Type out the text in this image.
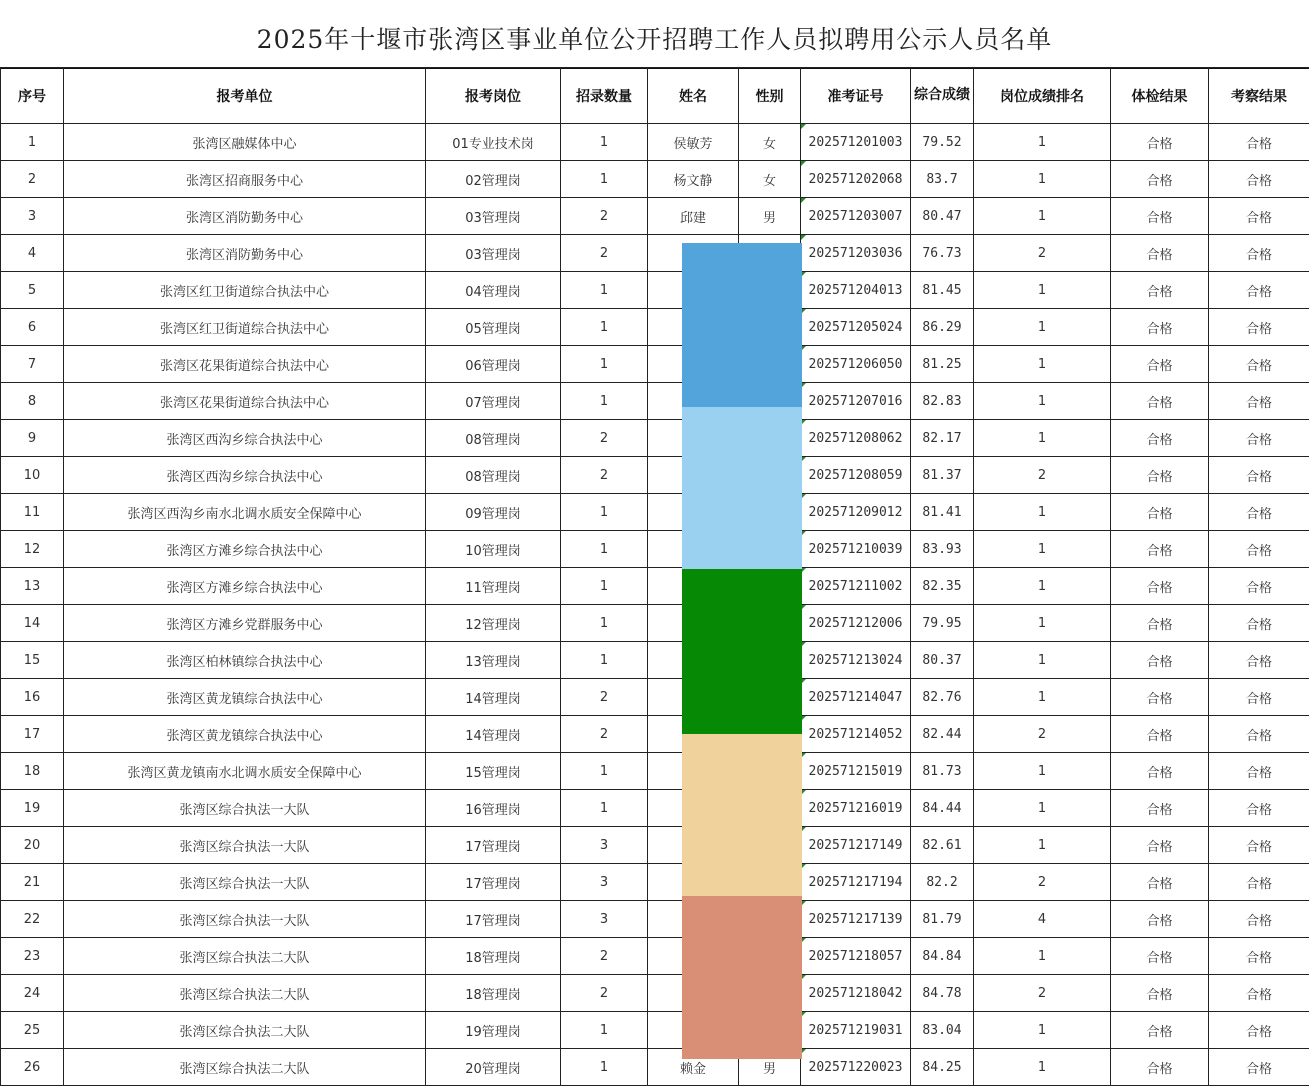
2025年十堰市张湾区事业单位公开招聘工作人员拟聘用公示人员名单
序号	报考单位	报考岗位	招录数量	姓名	性别	准考证号	综合成绩	岗位成绩排名	体检结果	考察结果
1	张湾区融媒体中心	01专业技术岗	1	侯敏芳	女	202571201003	79.52	1	合格	合格
2	张湾区招商服务中心	02管理岗	1	杨文静	女	202571202068	83.7	1	合格	合格
3	张湾区消防勤务中心	03管理岗	2	邱建	男	202571203007	80.47	1	合格	合格
4	张湾区消防勤务中心	03管理岗	2			202571203036	76.73	2	合格	合格
5	张湾区红卫街道综合执法中心	04管理岗	1			202571204013	81.45	1	合格	合格
6	张湾区红卫街道综合执法中心	05管理岗	1			202571205024	86.29	1	合格	合格
7	张湾区花果街道综合执法中心	06管理岗	1			202571206050	81.25	1	合格	合格
8	张湾区花果街道综合执法中心	07管理岗	1			202571207016	82.83	1	合格	合格
9	张湾区西沟乡综合执法中心	08管理岗	2			202571208062	82.17	1	合格	合格
10	张湾区西沟乡综合执法中心	08管理岗	2			202571208059	81.37	2	合格	合格
11	张湾区西沟乡南水北调水质安全保障中心	09管理岗	1			202571209012	81.41	1	合格	合格
12	张湾区方滩乡综合执法中心	10管理岗	1			202571210039	83.93	1	合格	合格
13	张湾区方滩乡综合执法中心	11管理岗	1			202571211002	82.35	1	合格	合格
14	张湾区方滩乡党群服务中心	12管理岗	1			202571212006	79.95	1	合格	合格
15	张湾区柏林镇综合执法中心	13管理岗	1			202571213024	80.37	1	合格	合格
16	张湾区黄龙镇综合执法中心	14管理岗	2			202571214047	82.76	1	合格	合格
17	张湾区黄龙镇综合执法中心	14管理岗	2			202571214052	82.44	2	合格	合格
18	张湾区黄龙镇南水北调水质安全保障中心	15管理岗	1			202571215019	81.73	1	合格	合格
19	张湾区综合执法一大队	16管理岗	1			202571216019	84.44	1	合格	合格
20	张湾区综合执法一大队	17管理岗	3			202571217149	82.61	1	合格	合格
21	张湾区综合执法一大队	17管理岗	3			202571217194	82.2	2	合格	合格
22	张湾区综合执法一大队	17管理岗	3			202571217139	81.79	4	合格	合格
23	张湾区综合执法二大队	18管理岗	2			202571218057	84.84	1	合格	合格
24	张湾区综合执法二大队	18管理岗	2			202571218042	84.78	2	合格	合格
25	张湾区综合执法二大队	19管理岗	1			202571219031	83.04	1	合格	合格
26	张湾区综合执法二大队	20管理岗	1	赖金	男	202571220023	84.25	1	合格	合格
